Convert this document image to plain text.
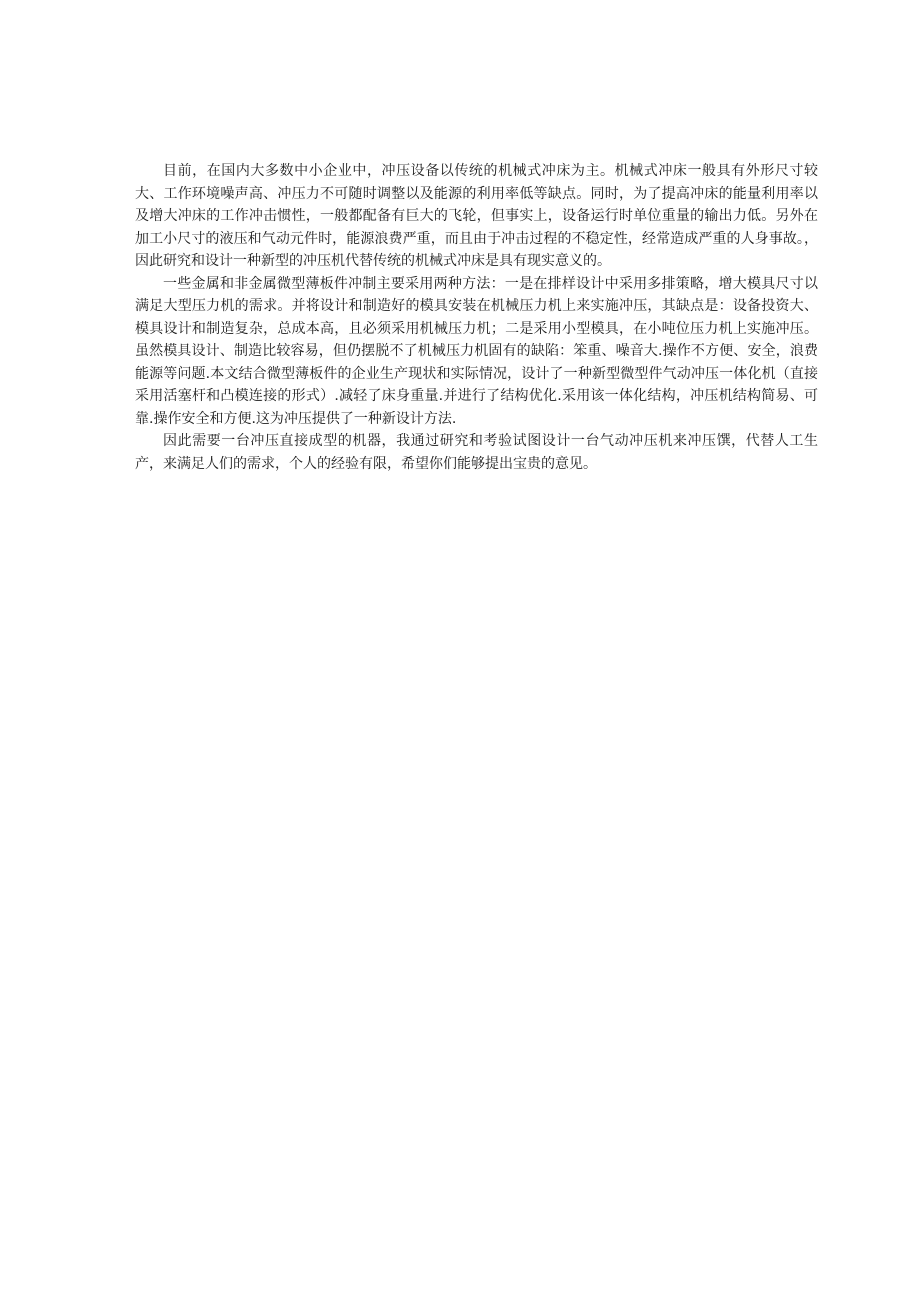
目前，在国内大多数中小企业中，冲压设备以传统的机械式冲床为主。机械式冲床一般具有外形尺寸较大、工作环境噪声高、冲压力不可随时调整以及能源的利用率低等缺点。同时，为了提高冲床的能量利用率以及增大冲床的工作冲击惯性，一般都配备有巨大的飞轮，但事实上，设备运行时单位重量的输出力低。另外在加工小尺寸的液压和气动元件时，能源浪费严重，而且由于冲击过程的不稳定性，经常造成严重的人身事故。，因此研究和设计一种新型的冲压机代替传统的机械式冲床是具有现实意义的。

一些金属和非金属微型薄板件冲制主要采用两种方法：一是在排样设计中采用多排策略，增大模具尺寸以满足大型压力机的需求。并将设计和制造好的模具安装在机械压力机上来实施冲压，其缺点是：设备投资大、模具设计和制造复杂，总成本高，且必须采用机械压力机；二是采用小型模具，在小吨位压力机上实施冲压。虽然模具设计、制造比较容易，但仍摆脱不了机械压力机固有的缺陷：笨重、噪音大.操作不方便、安全，浪费能源等问题.本文结合微型薄板件的企业生产现状和实际情况，设计了一种新型微型件气动冲压一体化机（直接采用活塞杆和凸模连接的形式）.减轻了床身重量.并进行了结构优化.采用该一体化结构，冲压机结构简易、可靠.操作安全和方便.这为冲压提供了一种新设计方法.

因此需要一台冲压直接成型的机器，我通过研究和考验试图设计一台气动冲压机来冲压馔，代替人工生产，来满足人们的需求，个人的经验有限，希望你们能够提出宝贵的意见。
